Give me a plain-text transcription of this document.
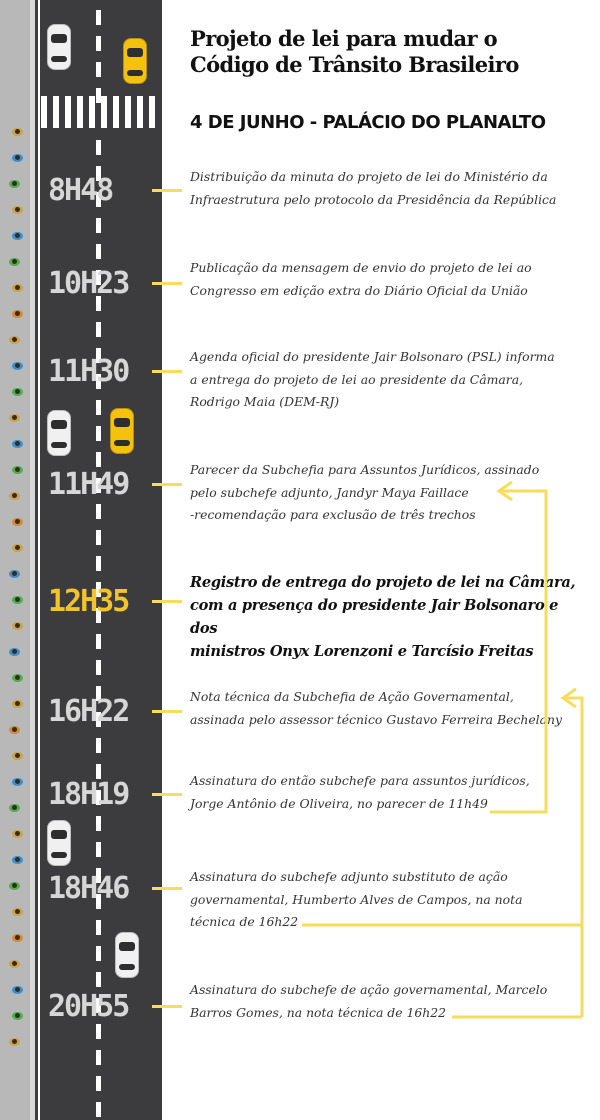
Projeto de lei para mudar o
Código de Trânsito Brasileiro
4 DE JUNHO - PALÁCIO DO PLANALTO
8H48
10H23
11H30
11H49
12H35
16H22
18H19
18H46
20H55

Distribuição da minuta do projeto de lei do Ministério da
Infraestrutura pelo protocolo da Presidência da República

Publicação da mensagem de envio do projeto de lei ao
Congresso em edição extra do Diário Oficial da União

Agenda oficial do presidente Jair Bolsonaro (PSL) informa
a entrega do projeto de lei ao presidente da Câmara,
Rodrigo Maia (DEM-RJ)

Parecer da Subchefia para Assuntos Jurídicos, assinado
pelo subchefe adjunto, Jandyr Maya Faillace
-recomendação para exclusão de três trechos

Registro de entrega do projeto de lei na Câmara,
com a presença do presidente Jair Bolsonaro e dos
ministros Onyx Lorenzoni e Tarcísio Freitas

Nota técnica da Subchefia de Ação Governamental,
assinada pelo assessor técnico Gustavo Ferreira Bechelany

Assinatura do então subchefe para assuntos jurídicos,
Jorge Antônio de Oliveira, no parecer de 11h49

Assinatura do subchefe adjunto substituto de ação
governamental, Humberto Alves de Campos, na nota
técnica de 16h22

Assinatura do subchefe de ação governamental, Marcelo
Barros Gomes, na nota técnica de 16h22
